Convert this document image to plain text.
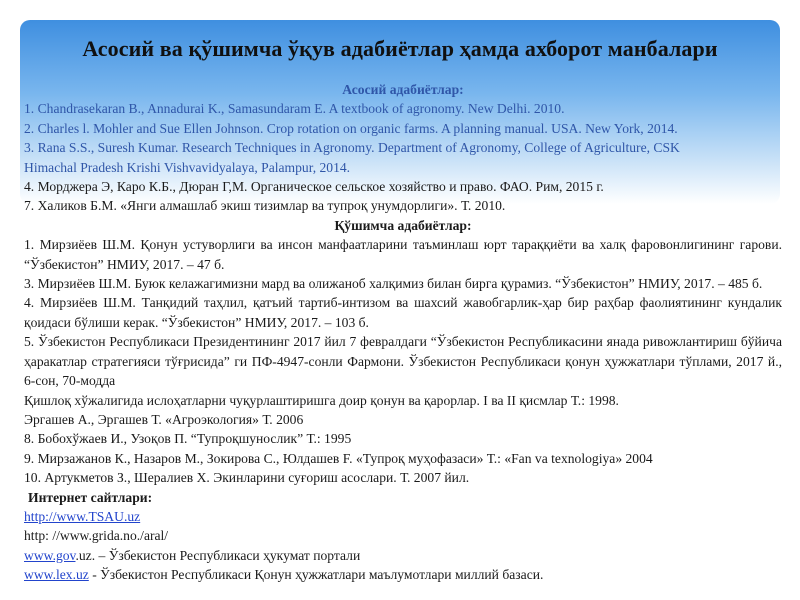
Асосий ва қўшимча ўқув адабиётлар ҳамда ахборот манбалари
Асосий адабиётлар:
1. Chandrasekaran B., Annadurai K., Samasundaram E. A textbook of agronomy. New Delhi. 2010.
2. Charles l. Mohler and Sue Ellen Johnson. Crop rotation on organic farms. A planning manual. USA. New York, 2014.
3. Rana S.S., Suresh Kumar. Research Techniques in Agronomy. Department of Agronomy, College of Agriculture, CSK
Himachal Pradesh Krishi Vishvavidyalaya, Palampur, 2014.
4. Морджера Э, Каро К.Б., Дюран Г,М. Органическое сельское хозяйство и право. ФАО. Рим, 2015 г.
7. Халиков Б.М. «Янги алмашлаб экиш тизимлар ва тупроқ унумдорлиги». Т. 2010.
Қўшимча адабиётлар:
1. Мирзиёев Ш.М. Қонун устуворлиги ва инсон манфаатларини таъминлаш юрт тараққиёти ва халқ фаровонлигининг гарови. “Ўзбекистон” НМИУ, 2017. – 47 б.
3. Мирзиёев Ш.М. Буюк келажагимизни мард ва олижаноб халқимиз билан бирга қурамиз. “Ўзбекистон” НМИУ, 2017. – 485 б.
4. Мирзиёев Ш.М. Танқидий таҳлил, қатъий тартиб-интизом ва шахсий жавобгарлик-ҳар бир раҳбар фаолиятининг кундалик қоидаси бўлиши керак. “Ўзбекистон” НМИУ, 2017. – 103 б.
5. Ўзбекистон Республикаси Президентининг 2017 йил 7 февралдаги “Ўзбекистон Республикасини янада ривожлантириш бўйича ҳаракатлар стратегияси тўғрисида” ги ПФ-4947-сонли Фармони. Ўзбекистон Республикаси қонун ҳужжатлари тўплами, 2017 й., 6-сон, 70-модда
Қишлоқ хўжалигида ислоҳатларни чуқурлаштиришга доир қонун ва қарорлар. I ва II қисмлар Т.: 1998.
Эргашев А., Эргашев Т. «Агроэкология» Т. 2006
8. Бобохўжаев И., Узоқов П. “Тупроқшунослик” Т.: 1995
9. Мирзажанов К., Назаров М., Зокирова С., Юлдашев F. «Тупроқ муҳофазаси» Т.: «Fan va texnologiya» 2004
10. Артукметов З., Шералиев Х. Экинларини суғориш асослари. Т. 2007 йил.
Интернет сайтлари:
http://www.TSAU.uz
http: //www.grida.no./aral/
www.gov.uz. – Ўзбекистон Республикаси ҳукумат портали
www.lex.uz - Ўзбекистон Республикаси Қонун ҳужжатлари маълумотлари миллий базаси.
